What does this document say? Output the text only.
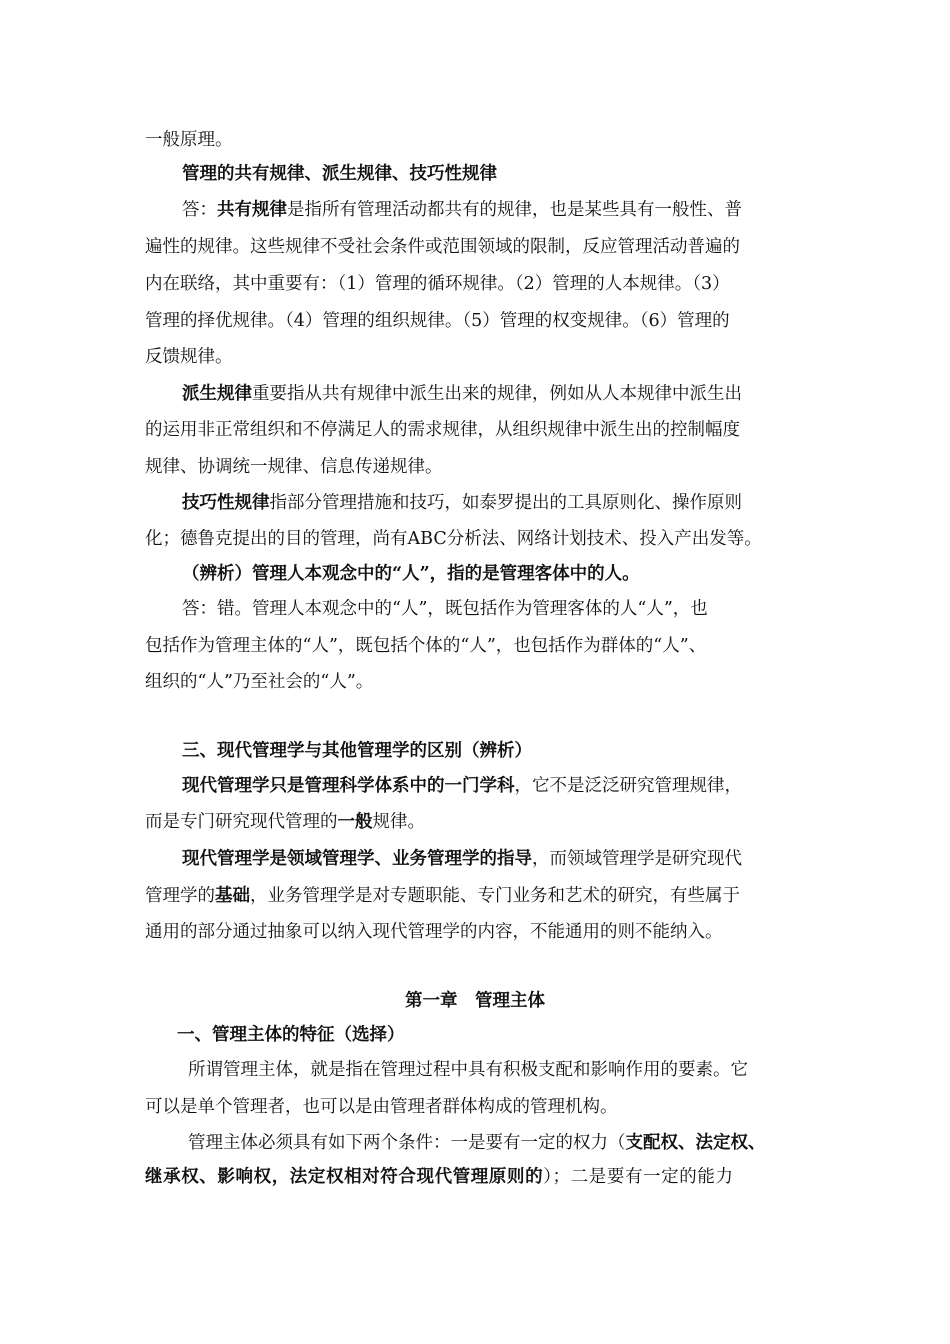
一般原理。
管理的共有规律、派生规律、技巧性规律
答：共有规律是指所有管理活动都共有的规律，也是某些具有一般性、普
遍性的规律。这些规律不受社会条件或范围领域的限制，反应管理活动普遍的
内在联络，其中重要有：（1）管理的循环规律。（2）管理的人本规律。（3）
管理的择优规律。（4）管理的组织规律。（5）管理的权变规律。（6）管理的
反馈规律。
派生规律重要指从共有规律中派生出来的规律，例如从人本规律中派生出
的运用非正常组织和不停满足人的需求规律，从组织规律中派生出的控制幅度
规律、协调统一规律、信息传递规律。
技巧性规律指部分管理措施和技巧，如泰罗提出的工具原则化、操作原则
化；德鲁克提出的目的管理，尚有ABC分析法、网络计划技术、投入产出发等。
（辨析）管理人本观念中的“人”，指的是管理客体中的人。
答：错。管理人本观念中的“人”，既包括作为管理客体的人“人”，也
包括作为管理主体的“人”，既包括个体的“人”，也包括作为群体的“人”、
组织的“人”乃至社会的“人”。
三、现代管理学与其他管理学的区别（辨析）
现代管理学只是管理科学体系中的一门学科，它不是泛泛研究管理规律，
而是专门研究现代管理的一般规律。
现代管理学是领域管理学、业务管理学的指导，而领域管理学是研究现代
管理学的基础，业务管理学是对专题职能、专门业务和艺术的研究，有些属于
通用的部分通过抽象可以纳入现代管理学的内容，不能通用的则不能纳入。
第一章　管理主体
一、管理主体的特征（选择）
所谓管理主体，就是指在管理过程中具有积极支配和影响作用的要素。它
可以是单个管理者，也可以是由管理者群体构成的管理机构。
管理主体必须具有如下两个条件：一是要有一定的权力（支配权、法定权、
继承权、影响权，法定权相对符合现代管理原则的）；二是要有一定的能力
